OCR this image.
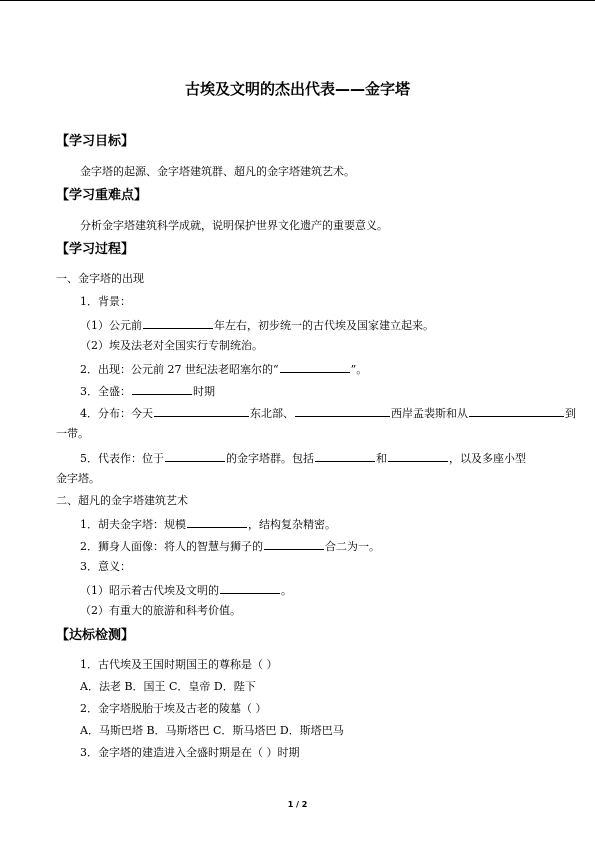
古埃及文明的杰出代表——金字塔
【学习目标】
金字塔的起源、金字塔建筑群、超凡的金字塔建筑艺术。
【学习重难点】
分析金字塔建筑科学成就，说明保护世界文化遗产的重要意义。
【学习过程】
一、金字塔的出现
1．背景：
（1）公元前	年左右，初步统一的古代埃及国家建立起来。
（2）埃及法老对全国实行专制统治。
2．出现：公元前 27 世纪法老昭塞尔的“	”。
3．全盛：	时期
4．分布：今天	东北部、	西岸孟裴斯和从	到
一带。
5．代表作：位于	的金字塔群。包括	和	，以及多座小型
金字塔。
二、超凡的金字塔建筑艺术
1．胡夫金字塔：规模	，结构复杂精密。
2．狮身人面像：将人的智慧与狮子的	合二为一。
3．意义：
（1）昭示着古代埃及文明的	。
（2）有重大的旅游和科考价值。
【达标检测】
1．古代埃及王国时期国王的尊称是（ ）
A．法老 B．国王 C．皇帝 D．陛下
2．金字塔脱胎于埃及古老的陵墓（ ）
A．马斯巴塔 B．马斯塔巴 C．斯马塔巴 D．斯塔巴马
3．金字塔的建造进入全盛时期是在（ ）时期
1 / 2
